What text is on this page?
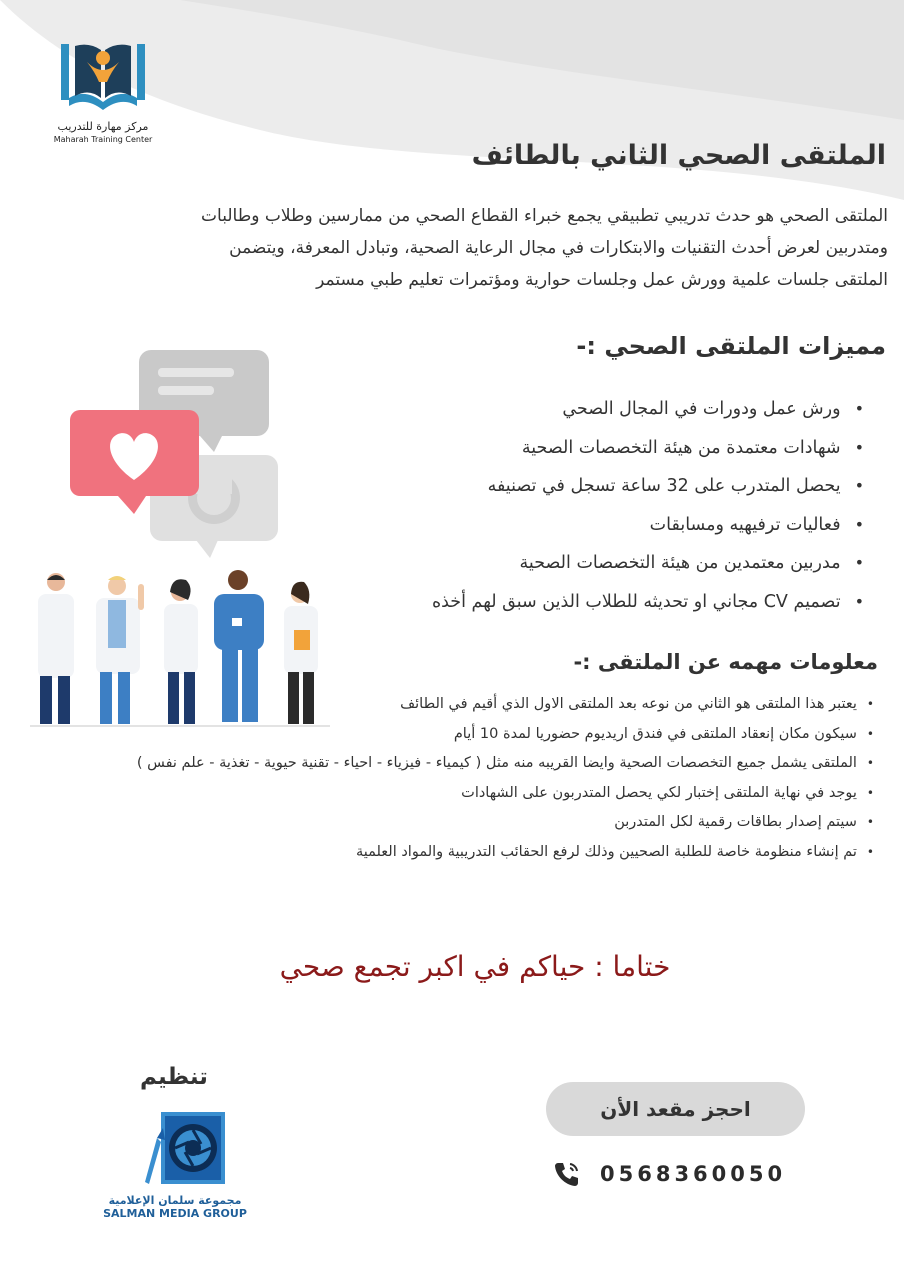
مركز مهارة للتدريب
Maharah Training Center
الملتقى الصحي الثاني بالطائف

الملتقى الصحي هو حدث تدريبي تطبيقي يجمع خبراء القطاع الصحي من ممارسين وطلاب وطالبات

ومتدربين لعرض أحدث التقنيات والابتكارات في مجال الرعاية الصحية، وتبادل المعرفة، ويتضمن

الملتقى جلسات علمية وورش عمل وجلسات حوارية ومؤتمرات تعليم طبي مستمر

مميزات الملتقى الصحي :-
• ورش عمل ودورات في المجال الصحي
• شهادات معتمدة من هيئة التخصصات الصحية
• يحصل المتدرب على 32 ساعة تسجل في تصنيفه
• فعاليات ترفيهيه ومسابقات
• مدربين معتمدين من هيئة التخصصات الصحية
• تصميم CV مجاني او تحديثه للطلاب الذين سبق لهم أخذه
معلومات مهمه عن الملتقى :-
• يعتبر هذا الملتقى هو الثاني من نوعه بعد الملتقى الاول الذي أقيم في الطائف
• سيكون مكان إنعقاد الملتقى في فندق اريديوم حضوريا لمدة 10 أيام
• الملتقى يشمل جميع التخصصات الصحية وايضا القريبه منه مثل ( كيمياء - فيزياء - احياء - تقنية حيوية - تغذية - علم نفس )
• يوجد في نهاية الملتقى إختبار لكي يحصل المتدربون على الشهادات
• سيتم إصدار بطاقات رقمية لكل المتدربن
• تم إنشاء منظومة خاصة للطلبة الصحيين وذلك لرفع الحقائب التدريبية والمواد العلمية
ختاما : حياكم في اكبر تجمع صحي
تنظيم
مجموعة سلمان الإعلامية
SALMAN MEDIA GROUP
احجز مقعد الأن
0568360050
